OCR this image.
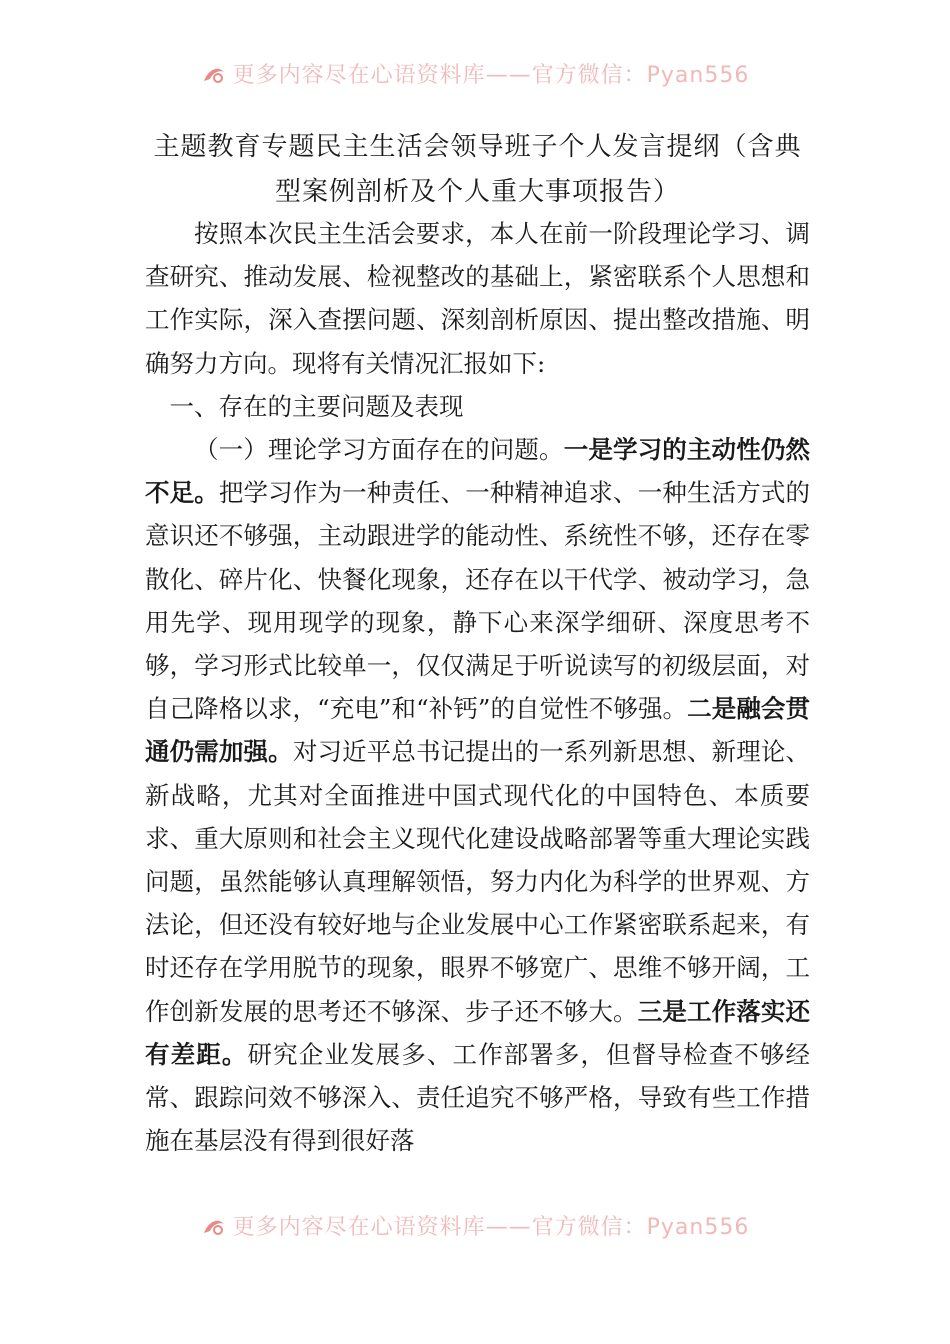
更多内容尽在心语资料库——官方微信：Pyan556
主题教育专题民主生活会领导班子个人发言提纲（含典型案例剖析及个人重大事项报告）

按照本次民主生活会要求，本人在前一阶段理论学习、调查研究、推动发展、检视整改的基础上，紧密联系个人思想和工作实际，深入查摆问题、深刻剖析原因、提出整改措施、明确努力方向。现将有关情况汇报如下:

一、存在的主要问题及表现

（一）理论学习方面存在的问题。一是学习的主动性仍然不足。把学习作为一种责任、一种精神追求、一种生活方式的意识还不够强，主动跟进学的能动性、系统性不够，还存在零散化、碎片化、快餐化现象，还存在以干代学、被动学习，急用先学、现用现学的现象，静下心来深学细研、深度思考不够，学习形式比较单一，仅仅满足于听说读写的初级层面，对自己降格以求，“充电”和“补钙”的自觉性不够强。二是融会贯通仍需加强。对习近平总书记提出的一系列新思想、新理论、新战略，尤其对全面推进中国式现代化的中国特色、本质要求、重大原则和社会主义现代化建设战略部署等重大理论实践问题，虽然能够认真理解领悟，努力内化为科学的世界观、方法论，但还没有较好地与企业发展中心工作紧密联系起来，有时还存在学用脱节的现象，眼界不够宽广、思维不够开阔，工作创新发展的思考还不够深、步子还不够大。三是工作落实还有差距。研究企业发展多、工作部署多，但督导检查不够经常、跟踪问效不够深入、责任追究不够严格，导致有些工作措施在基层没有得到很好落

更多内容尽在心语资料库——官方微信：Pyan556
